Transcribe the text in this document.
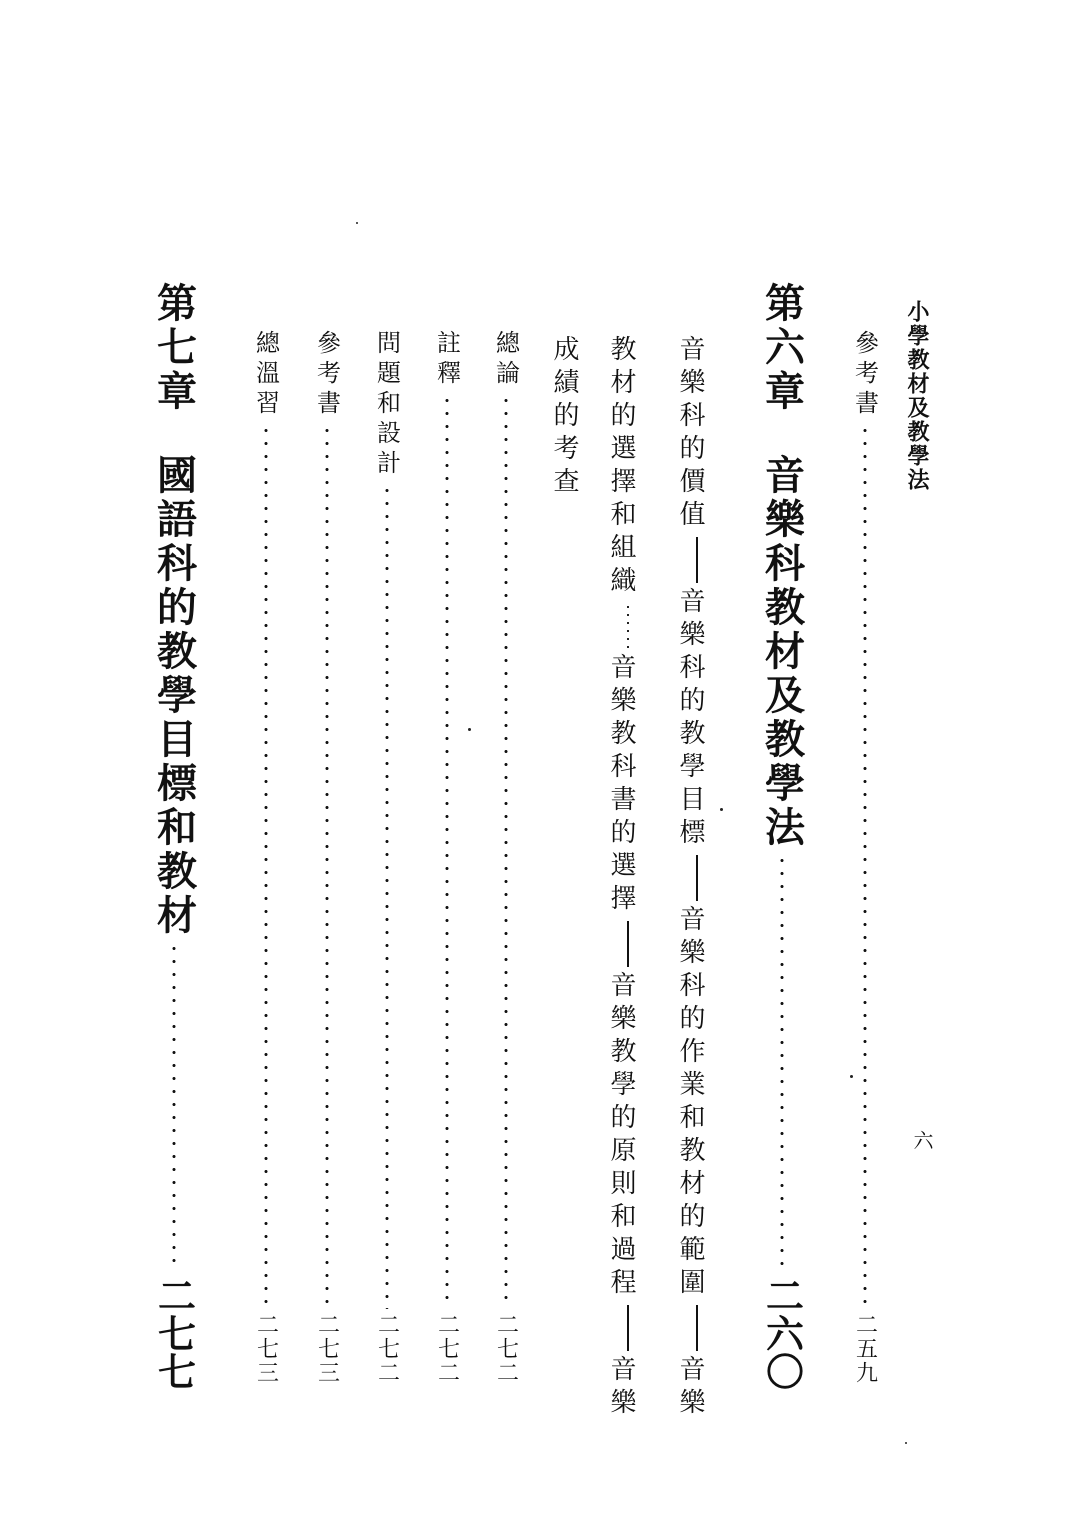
小學教材及教學法
六
參考書
二五九
第六章
音樂科教材及教學法
二六〇
音樂科的價值音樂科的教學目標音樂科的作業和教材的範圍音樂
教材的選擇和組織音樂教科書的選擇音樂教學的原則和過程音樂
成績的考查
總論
二七二
註釋
二七二
問題和設計
二七二
參考書
二七三
總溫習
二七三
第七章
國語科的教學目標和教材
二七七
